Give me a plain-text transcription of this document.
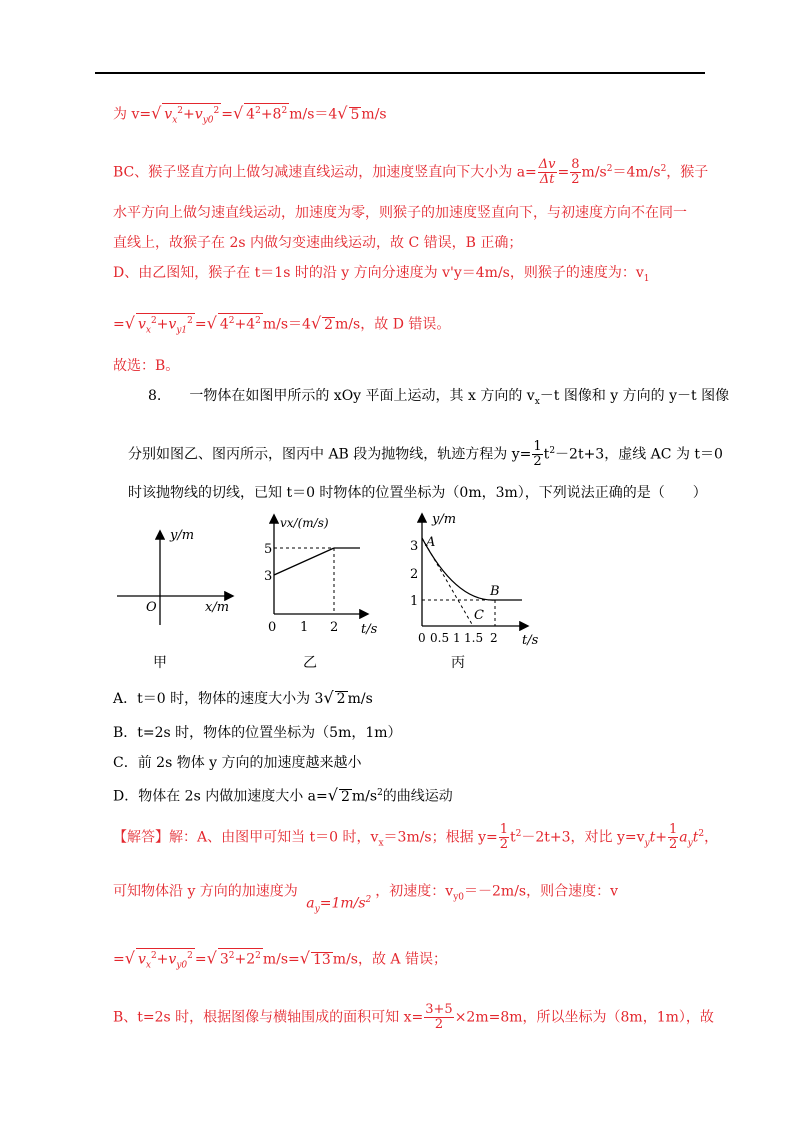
为 v=√ $v_x^2+v_{y0}^2$ =√ $4^2+8^2$ m/s＝4√ 5 m/s
BC、猴子竖直方向上做匀减速直线运动，加速度竖直向下大小为 $a= \frac{\Delta v}{\Delta t} = \frac{8}{2} m/s^2=4m/s^2$，猴子
水平方向上做匀速直线运动，加速度为零，则猴子的加速度竖直向下，与初速度方向不在同一
直线上，故猴子在 2s 内做匀变速曲线运动，故 C 错误，B 正确；
D、由乙图知，猴子在 t＝1s 时的沿 y 方向分速度为 v'y＝4m/s，则猴子的速度为：$v_1$
=√ $v_x^2+v_{y1}^2$ =√ $4^2+4^2$ m/s＝4√ 2 m/s，故 D 错误。
故选：B。
8.　　一物体在如图甲所示的 xOy 平面上运动，其 x 方向的 $v_x-t$ 图像和 y 方向的 y－t 图像
分别如图乙、图丙所示，图丙中 AB 段为抛物线，轨迹方程为 $y= \frac{1}{2} t^2-2t+3$，虚线 AC 为 t＝0
时该抛物线的切线，已知 t＝0 时物体的位置坐标为（0m，3m），下列说法正确的是（　　）
y/m
x/m
O
甲
vx/(m/s)
t/s
5
3
0 1 2
乙
y/m
t/s
3
2
1
0 0.5 1 1.5 2
A
B
C
丙
A．t＝0 时，物体的速度大小为 3√ 2 m/s
B．t=2s 时，物体的位置坐标为（5m，1m）
C．前 2s 物体 y 方向的加速度越来越小
D．物体在 2s 内做加速度大小 a=√ 2 $m/s^2$的曲线运动
【解答】解：A、由图甲可知当 t＝0 时，$v_x=3m/s$；根据 $y= \frac{1}{2} t^2-2t+3$，对比 $y=v_yt+ \frac{1}{2} a_yt^2$，
可知物体沿 y 方向的加速度为 $a_y=1m/s^2$，初速度：$v_{y0}=-2m/s$，则合速度：v
=√ $v_x^2+v_{y0}^2$ =√ $3^2+2^2$ m/s=√ 13 m/s，故 A 错误；
B、t=2s 时，根据图像与横轴围成的面积可知 $x= \frac{3+5}{2} \times 2m=8m$，所以坐标为（8m，1m），故
